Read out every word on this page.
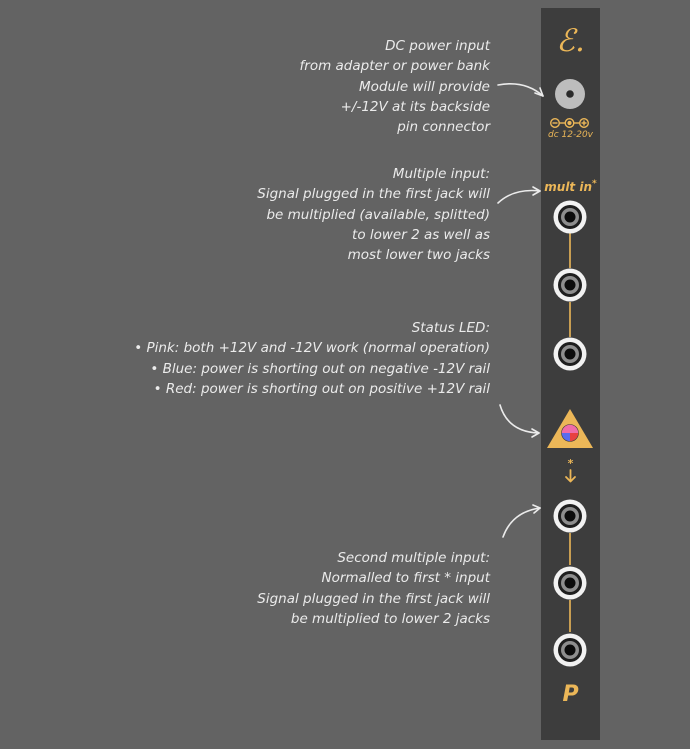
DC power input
from adapter or power bank
Module will provide
+/-12V at its backside
pin connector
Multiple input:
Signal plugged in the first jack will
be multiplied (available, splitted)
to lower 2 as well as
most lower two jacks
Status LED:
• Pink: both +12V and -12V work (normal operation)
• Blue: power is shorting out on negative -12V rail
• Red: power is shorting out on positive +12V rail
Second multiple input:
Normalled to first * input
Signal plugged in the first jack will
be multiplied to lower 2 jacks
ℰ.
dc 12-20v
mult in*
P
*
